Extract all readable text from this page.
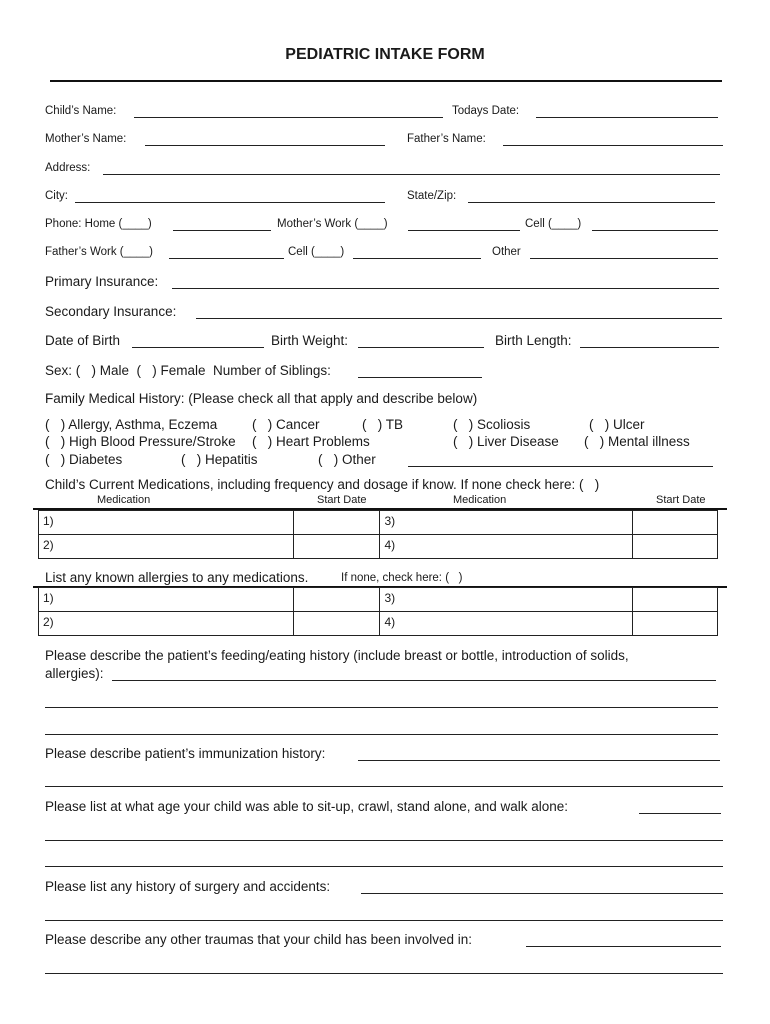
PEDIATRIC INTAKE FORM
Child’s Name:	Todays Date:
Mother’s Name:	Father’s Name:
Address:
City:	State/Zip:
Phone: Home (____)	Mother’s Work (____)	Cell (____)
Father’s Work (____)	Cell (____)	Other
Primary Insurance:
Secondary Insurance:
Date of Birth	Birth Weight:	Birth Length:
Sex: (   ) Male  (   ) Female  Number of Siblings:
Family Medical History: (Please check all that apply and describe below)
(   ) Allergy, Asthma, Eczema	(   ) Cancer	(   ) TB	(   ) Scoliosis	(   ) Ulcer
(   ) High Blood Pressure/Stroke (   ) Heart Problems	(   ) Liver Disease (   ) Mental illness
(   ) Diabetes	(   ) Hepatitis	(   ) Other
Child’s Current Medications, including frequency and dosage if know. If none check here: (   )
Medication	Start Date	Medication	Start Date
1)		3)	
2)		4)	
List any known allergies to any medications.	If none, check here: (   )
1)		3)	
2)		4)	
Please describe the patient’s feeding/eating history (include breast or bottle, introduction of solids,
allergies):
Please describe patient’s immunization history:
Please list at what age your child was able to sit-up, crawl, stand alone, and walk alone:
Please list any history of surgery and accidents:
Please describe any other traumas that your child has been involved in:
